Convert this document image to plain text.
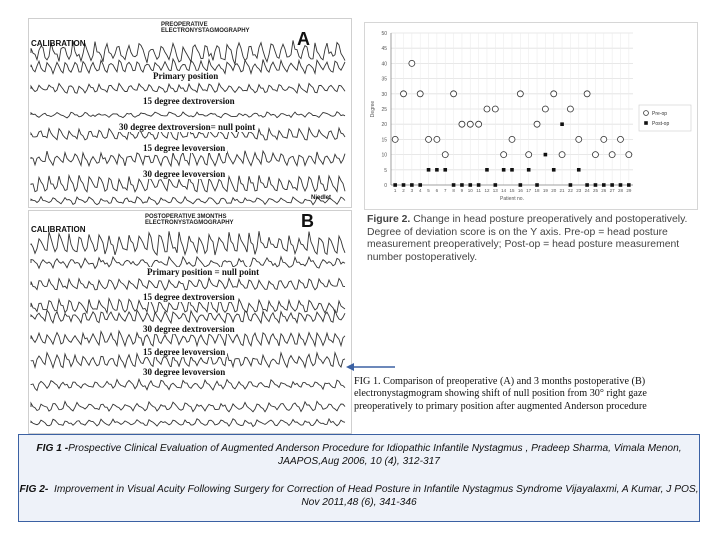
PREOPERATIVE ELECTRONYSTAGMOGRAPHY	A
CALIBRATION
Primary position
15 degree dextroversion
30 degree dextroversion= null point
15 degree levoversion
30 degree levoversion
Niedlet
POSTOPERATIVE 3MONTHS ELECTRONYSTAGMOGRAPHY	B
CALIBRATION
Primary position = null point
15 degree dextroversion
30 degree dextroversion
15 degree levoversion
30 degree levoversion
0
5
10
15
20
25
30
35
40
45
50
1 2 3 4 5 6 7 8 9 10 11 12 13 14 15 16 17 18 19 20 21 22 23 24 25 26 27 28 29
Patient no.
Degree	Pre-op
Post-op
Figure 2. Change in head posture preoperatively and postoperatively. Degree of deviation score is on the Y axis. Pre-op = head posture measurement preoperatively; Post-op = head posture measurement number postoperatively.
FIG 1. Comparison of preoperative (A) and 3 months postoperative (B) electronystagmogram showing shift of null position from 30° right gaze preoperatively to primary position after augmented Anderson procedure

FIG 1 -Prospective Clinical Evaluation of Augmented Anderson Procedure for Idiopathic Infantile Nystagmus , Pradeep Sharma, Vimala Menon, JAAPOS,Aug 2006, 10 (4), 312-317

FIG 2- Improvement in Visual Acuity Following Surgery for Correction of Head Posture in Infantile Nystagmus Syndrome Vijayalaxmi, A Kumar, J POS, Nov 2011,48 (6), 341-346
